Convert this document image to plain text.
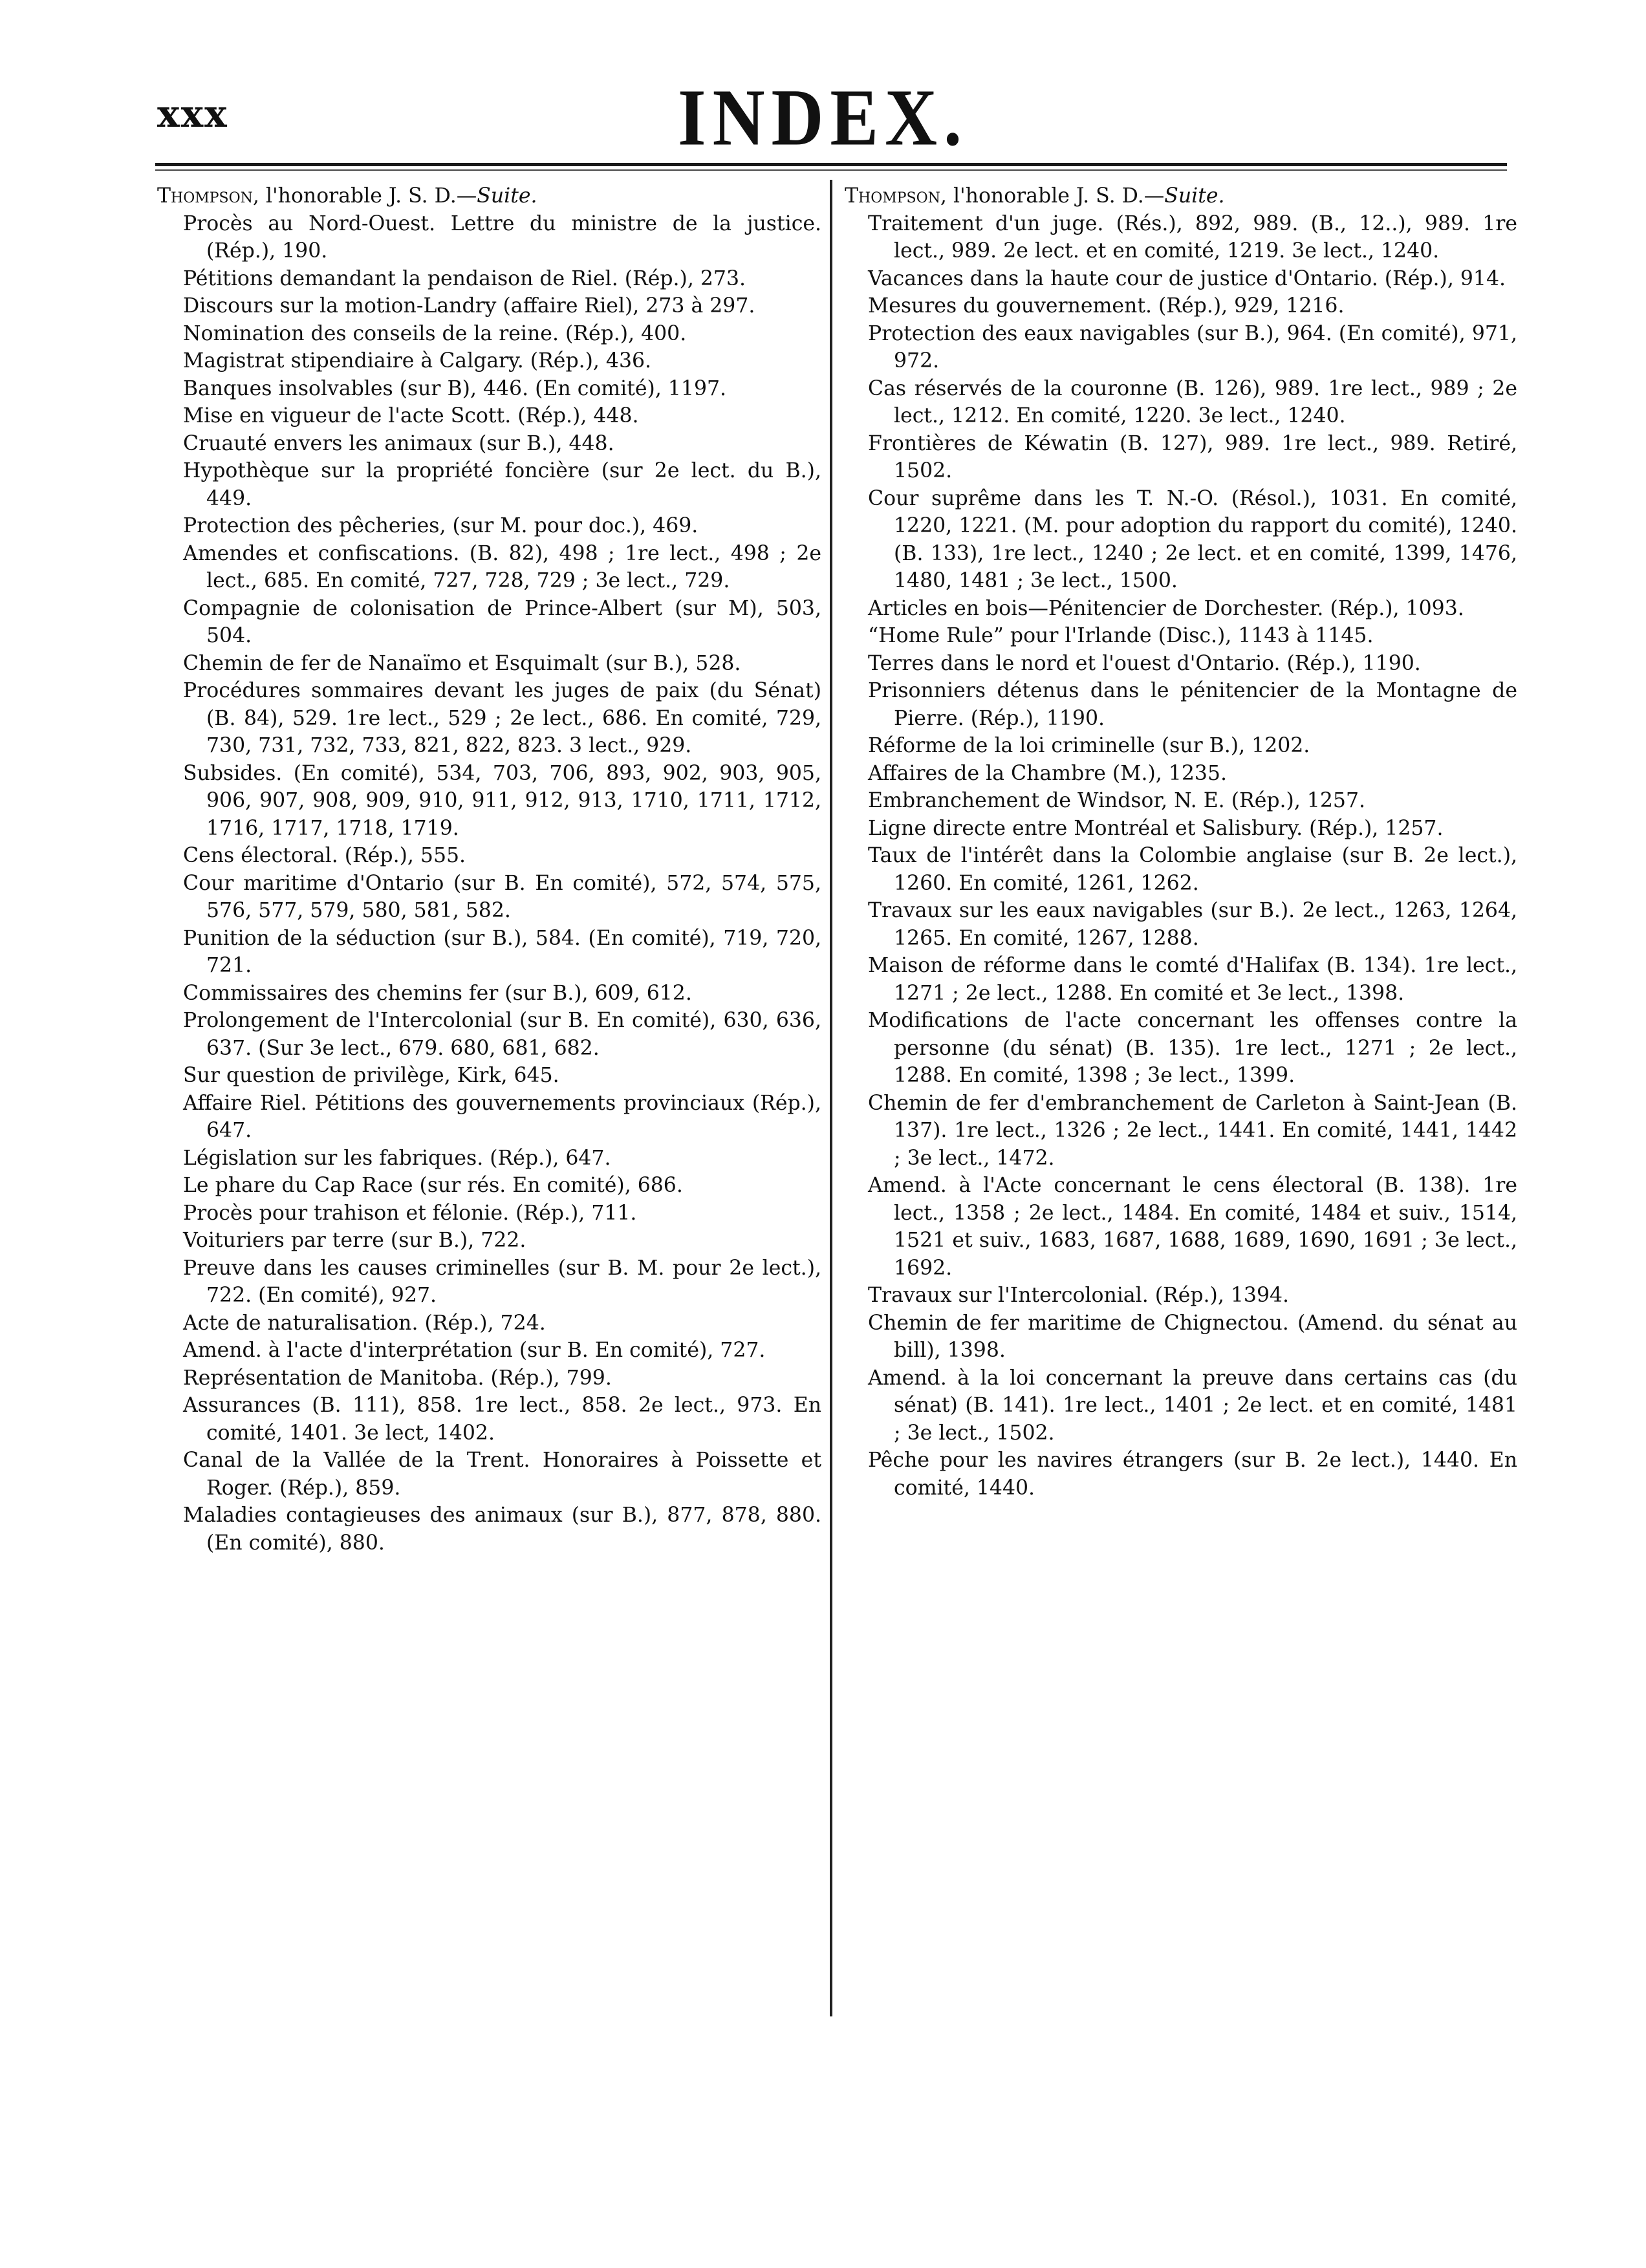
xxx	INDEX.

Thompson, l'honorable J. S. D.—Suite.

Procès au Nord-Ouest. Lettre du ministre de la justice. (Rép.), 190.

Pétitions demandant la pendaison de Riel. (Rép.), 273.

Discours sur la motion-Landry (affaire Riel), 273 à 297.

Nomination des conseils de la reine. (Rép.), 400.

Magistrat stipendiaire à Calgary. (Rép.), 436.

Banques insolvables (sur B), 446. (En comité), 1197.

Mise en vigueur de l'acte Scott. (Rép.), 448.

Cruauté envers les animaux (sur B.), 448.

Hypothèque sur la propriété foncière (sur 2e lect. du B.), 449.

Protection des pêcheries, (sur M. pour doc.), 469.

Amendes et confiscations. (B. 82), 498 ; 1re lect., 498 ; 2e lect., 685. En comité, 727, 728, 729 ; 3e lect., 729.

Compagnie de colonisation de Prince-Albert (sur M), 503, 504.

Chemin de fer de Nanaïmo et Esquimalt (sur B.), 528.

Procédures sommaires devant les juges de paix (du Sénat) (B. 84), 529. 1re lect., 529 ; 2e lect., 686. En comité, 729, 730, 731, 732, 733, 821, 822, 823. 3 lect., 929.

Subsides. (En comité), 534, 703, 706, 893, 902, 903, 905, 906, 907, 908, 909, 910, 911, 912, 913, 1710, 1711, 1712, 1716, 1717, 1718, 1719.

Cens électoral. (Rép.), 555.

Cour maritime d'Ontario (sur B. En comité), 572, 574, 575, 576, 577, 579, 580, 581, 582.

Punition de la séduction (sur B.), 584. (En comité), 719, 720, 721.

Commissaires des chemins fer (sur B.), 609, 612.

Prolongement de l'Intercolonial (sur B. En comité), 630, 636, 637. (Sur 3e lect., 679. 680, 681, 682.

Sur question de privilège, Kirk, 645.

Affaire Riel. Pétitions des gouvernements provinciaux (Rép.), 647.

Législation sur les fabriques. (Rép.), 647.

Le phare du Cap Race (sur rés. En comité), 686.

Procès pour trahison et félonie. (Rép.), 711.

Voituriers par terre (sur B.), 722.

Preuve dans les causes criminelles (sur B. M. pour 2e lect.), 722. (En comité), 927.

Acte de naturalisation. (Rép.), 724.

Amend. à l'acte d'interprétation (sur B. En comité), 727.

Représentation de Manitoba. (Rép.), 799.

Assurances (B. 111), 858. 1re lect., 858. 2e lect., 973. En comité, 1401. 3e lect, 1402.

Canal de la Vallée de la Trent. Honoraires à Poissette et Roger. (Rép.), 859.

Maladies contagieuses des animaux (sur B.), 877, 878, 880. (En comité), 880.

Thompson, l'honorable J. S. D.—Suite.

Traitement d'un juge. (Rés.), 892, 989. (B., 12..), 989. 1re lect., 989. 2e lect. et en comité, 1219. 3e lect., 1240.

Vacances dans la haute cour de justice d'Ontario. (Rép.), 914.

Mesures du gouvernement. (Rép.), 929, 1216.

Protection des eaux navigables (sur B.), 964. (En comité), 971, 972.

Cas réservés de la couronne (B. 126), 989. 1re lect., 989 ; 2e lect., 1212. En comité, 1220. 3e lect., 1240.

Frontières de Kéwatin (B. 127), 989. 1re lect., 989. Retiré, 1502.

Cour suprême dans les T. N.-O. (Résol.), 1031. En comité, 1220, 1221. (M. pour adoption du rapport du comité), 1240. (B. 133), 1re lect., 1240 ; 2e lect. et en comité, 1399, 1476, 1480, 1481 ; 3e lect., 1500.

Articles en bois—Pénitencier de Dorchester. (Rép.), 1093.

“Home Rule” pour l'Irlande (Disc.), 1143 à 1145.

Terres dans le nord et l'ouest d'Ontario. (Rép.), 1190.

Prisonniers détenus dans le pénitencier de la Montagne de Pierre. (Rép.), 1190.

Réforme de la loi criminelle (sur B.), 1202.

Affaires de la Chambre (M.), 1235.

Embranchement de Windsor, N. E. (Rép.), 1257.

Ligne directe entre Montréal et Salisbury. (Rép.), 1257.

Taux de l'intérêt dans la Colombie anglaise (sur B. 2e lect.), 1260. En comité, 1261, 1262.

Travaux sur les eaux navigables (sur B.). 2e lect., 1263, 1264, 1265. En comité, 1267, 1288.

Maison de réforme dans le comté d'Halifax (B. 134). 1re lect., 1271 ; 2e lect., 1288. En comité et 3e lect., 1398.

Modifications de l'acte concernant les offenses contre la personne (du sénat) (B. 135). 1re lect., 1271 ; 2e lect., 1288. En comité, 1398 ; 3e lect., 1399.

Chemin de fer d'embranchement de Carleton à Saint-Jean (B. 137). 1re lect., 1326 ; 2e lect., 1441. En comité, 1441, 1442 ; 3e lect., 1472.

Amend. à l'Acte concernant le cens électoral (B. 138). 1re lect., 1358 ; 2e lect., 1484. En comité, 1484 et suiv., 1514, 1521 et suiv., 1683, 1687, 1688, 1689, 1690, 1691 ; 3e lect., 1692.

Travaux sur l'Intercolonial. (Rép.), 1394.

Chemin de fer maritime de Chignectou. (Amend. du sénat au bill), 1398.

Amend. à la loi concernant la preuve dans certains cas (du sénat) (B. 141). 1re lect., 1401 ; 2e lect. et en comité, 1481 ; 3e lect., 1502.

Pêche pour les navires étrangers (sur B. 2e lect.), 1440. En comité, 1440.
